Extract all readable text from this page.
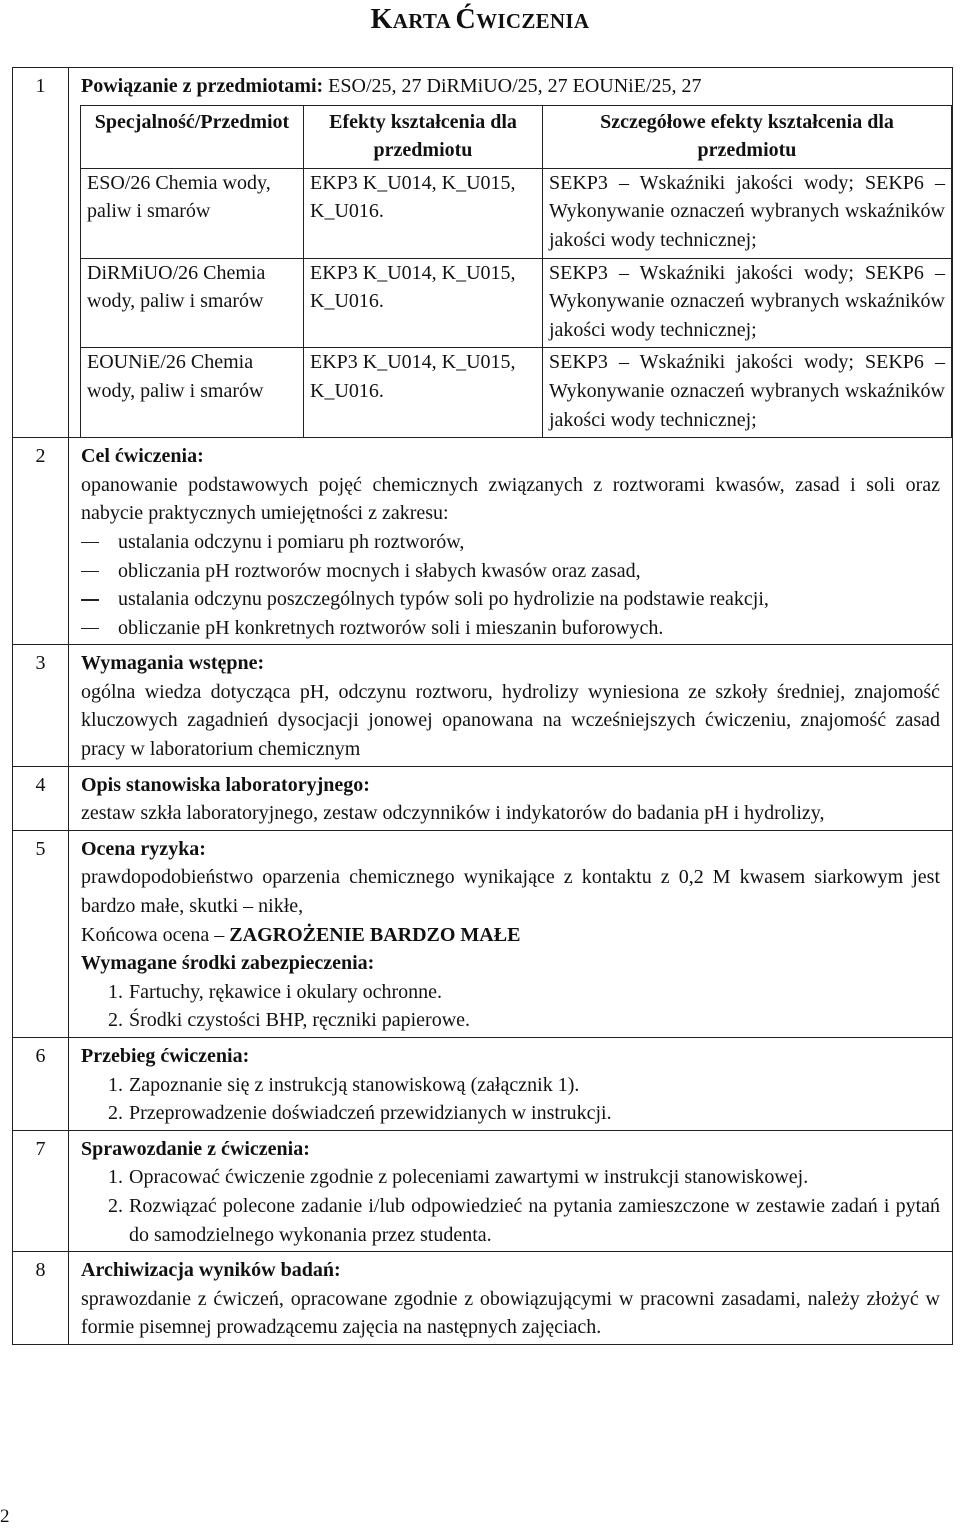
KARTA ĆWICZENIA
1	Powiązanie z przedmiotami: ESO/25, 27 DiRMiUO/25, 27 EOUNiE/25, 27
Specjalność/Przedmiot	Efekty kształcenia dla przedmiotu	Szczegółowe efekty kształcenia dla przedmiotu
ESO/26 Chemia wody, paliw i smarów	EKP3 K_U014, K_U015, K_U016.	SEKP3 – Wskaźniki jakości wody; SEKP6 – Wykonywanie oznaczeń wybranych wskaźników jakości wody technicznej;
DiRMiUO/26 Chemia wody, paliw i smarów	EKP3 K_U014, K_U015, K_U016.	SEKP3 – Wskaźniki jakości wody; SEKP6 – Wykonywanie oznaczeń wybranych wskaźników jakości wody technicznej;
EOUNiE/26 Chemia wody, paliw i smarów	EKP3 K_U014, K_U015, K_U016.	SEKP3 – Wskaźniki jakości wody; SEKP6 – Wykonywanie oznaczeń wybranych wskaźników jakości wody technicznej;

2	Cel ćwiczenia:
opanowanie podstawowych pojęć chemicznych związanych z roztworami kwasów, zasad i soli oraz nabycie praktycznych umiejętności z zakresu:
ustalania odczynu i pomiaru ph roztworów,
obliczania pH roztworów mocnych i słabych kwasów oraz zasad,
ustalania odczynu poszczególnych typów soli po hydrolizie na podstawie reakcji,
obliczanie pH konkretnych roztworów soli i mieszanin buforowych.

3	Wymagania wstępne:
ogólna wiedza dotycząca pH, odczynu roztworu, hydrolizy wyniesiona ze szkoły średniej, znajomość kluczowych zagadnień dysocjacji jonowej opanowana na wcześniejszych ćwiczeniu, znajomość zasad pracy w laboratorium chemicznym

4	Opis stanowiska laboratoryjnego:
zestaw szkła laboratoryjnego, zestaw odczynników i indykatorów do badania pH i hydrolizy,

5	Ocena ryzyka:
prawdopodobieństwo oparzenia chemicznego wynikające z kontaktu z 0,2 M kwasem siarkowym jest bardzo małe, skutki – nikłe,
Końcowa ocena – ZAGROŻENIE BARDZO MAŁE
Wymagane środki zabezpieczenia:
1. Fartuchy, rękawice i okulary ochronne.
2. Środki czystości BHP, ręczniki papierowe.

6	Przebieg ćwiczenia:
1. Zapoznanie się z instrukcją stanowiskową (załącznik 1).
2. Przeprowadzenie doświadczeń przewidzianych w instrukcji.

7	Sprawozdanie z ćwiczenia:
1. Opracować ćwiczenie zgodnie z poleceniami zawartymi w instrukcji stanowiskowej.
2. Rozwiązać polecone zadanie i/lub odpowiedzieć na pytania zamieszczone w zestawie zadań i pytań do samodzielnego wykonania przez studenta.

8	Archiwizacja wyników badań:
sprawozdanie z ćwiczeń, opracowane zgodnie z obowiązującymi w pracowni zasadami, należy złożyć w formie pisemnej prowadzącemu zajęcia na następnych zajęciach.
2
